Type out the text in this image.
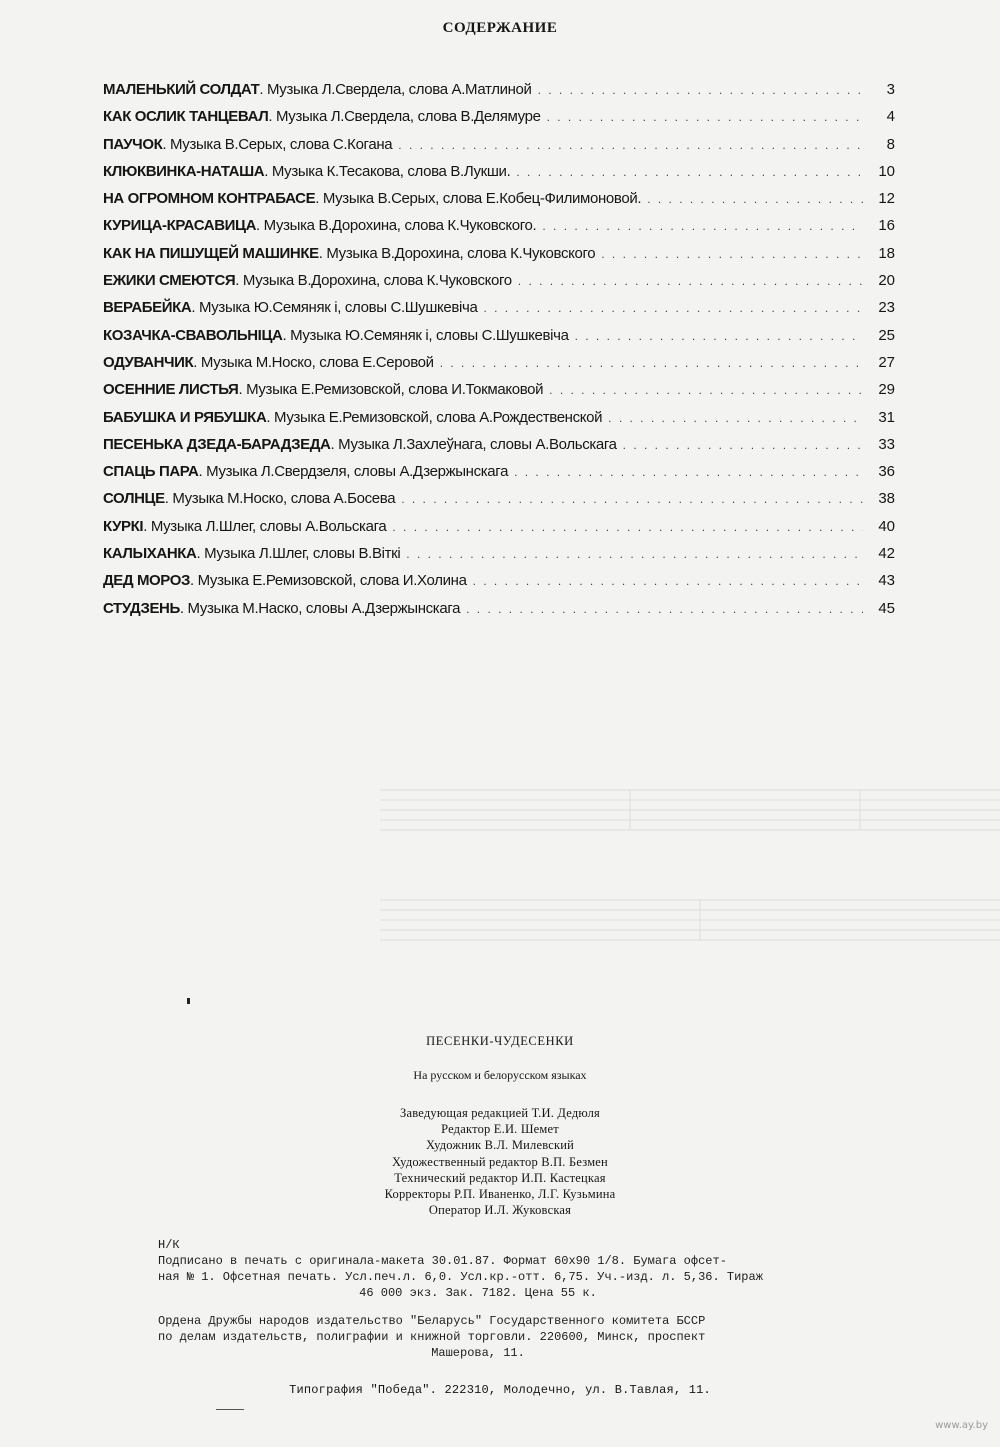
СОДЕРЖАНИЕ
МАЛЕНЬКИЙ СОЛДАТ. Музыка Л.Свердела, слова А.Матлиной . . .	3
КАК ОСЛИК ТАНЦЕВАЛ. Музыка Л.Свердела, слова В.Делямуре . . .	4
ПАУЧОК. Музыка В.Серых, слова С.Когана . . .	8
КЛЮКВИНКА-НАТАША. Музыка К.Тесакова, слова В.Лукши. . . .	10
НА ОГРОМНОМ КОНТРАБАСЕ. Музыка В.Серых, слова Е.Кобец-Филимоновой. . . .	12
КУРИЦА-КРАСАВИЦА. Музыка В.Дорохина, слова К.Чуковского. . . .	16
КАК НА ПИШУЩЕЙ МАШИНКЕ. Музыка В.Дорохина, слова К.Чуковского . . .	18
ЕЖИКИ СМЕЮТСЯ. Музыка В.Дорохина, слова К.Чуковского . . .	20
ВЕРАБЕЙКА. Музыка Ю.Семяняк і, словы С.Шушкевіча . . .	23
КОЗАЧКА-СВАВОЛЬНІЦА. Музыка Ю.Семяняк і, словы С.Шушкевіча . . .	25
ОДУВАНЧИК. Музыка М.Носко, слова Е.Серовой . . .	27
ОСЕННИЕ ЛИСТЬЯ. Музыка Е.Ремизовской, слова И.Токмаковой . . .	29
БАБУШКА И РЯБУШКА. Музыка Е.Ремизовской, слова А.Рождественской . . .	31
ПЕСЕНЬКА ДЗЕДА-БАРАДЗЕДА. Музыка Л.Захлеўнага, словы А.Вольскага . . .	33
СПАЦЬ ПАРА. Музыка Л.Свердзеля, словы А.Дзержынскага . . .	36
СОЛНЦЕ. Музыка М.Носко, слова А.Босева . . .	38
КУРКІ. Музыка Л.Шлег, словы А.Вольскага . . .	40
КАЛЫХАНКА. Музыка Л.Шлег, словы В.Віткі . . .	42
ДЕД МОРОЗ. Музыка Е.Ремизовской, слова И.Холина . . .	43
СТУДЗЕНЬ. Музыка М.Наско, словы А.Дзержынскага . . .	45
ПЕСЕНКИ-ЧУДЕСЕНКИ
На русском и белорусском языках
Заведующая редакцией Т.И. Дедюля
Редактор Е.И. Шемет
Художник В.Л. Милевский
Художественный редактор В.П. Безмен
Технический редактор И.П. Кастецкая
Корректоры Р.П. Иваненко, Л.Г. Кузьмина
Оператор И.Л. Жуковская
Н/К
Подписано в печать с оригинала-макета 30.01.87. Формат 60х90 1/8. Бумага офсет-
ная № 1. Офсетная печать. Усл.печ.л. 6,0. Усл.кр.-отт. 6,75. Уч.-изд. л. 5,36. Тираж
46 000 экз. Зак. 7182. Цена 55 к.
Ордена Дружбы народов издательство "Беларусь" Государственного комитета БССР
по делам издательств, полиграфии и книжной торговли. 220600, Минск, проспект
Машерова, 11.
Типография "Победа". 222310, Молодечно, ул. В.Тавлая, 11.
www.ay.by
